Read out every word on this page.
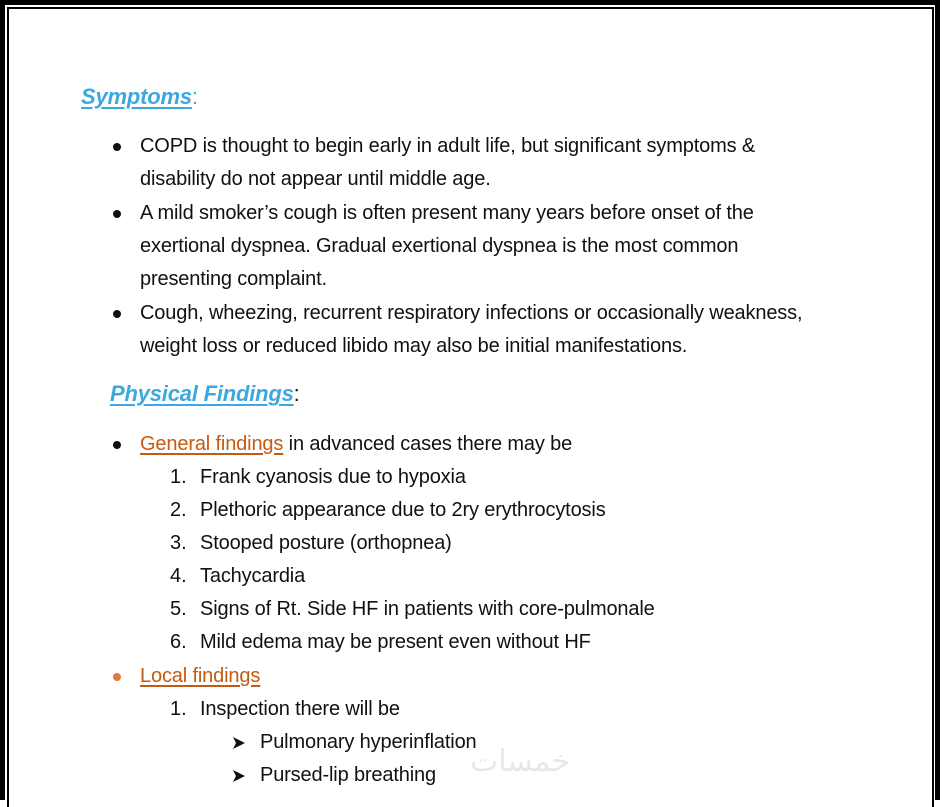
Symptoms:
COPD is thought to begin early in adult life, but significant symptoms &
disability do not appear until middle age.
A mild smoker’s cough is often present many years before onset of the
exertional dyspnea. Gradual exertional dyspnea is the most common
presenting complaint.
Cough, wheezing, recurrent respiratory infections or occasionally weakness,
weight loss or reduced libido may also be initial manifestations.
Physical Findings:
General findings in advanced cases there may be
1. Frank cyanosis due to hypoxia
2. Plethoric appearance due to 2ry erythrocytosis
3. Stooped posture (orthopnea)
4. Tachycardia
5. Signs of Rt. Side HF in patients with core-pulmonale
6. Mild edema may be present even without HF
Local findings
1. Inspection there will be
Pulmonary hyperinflation
Pursed-lip breathing خمسات
